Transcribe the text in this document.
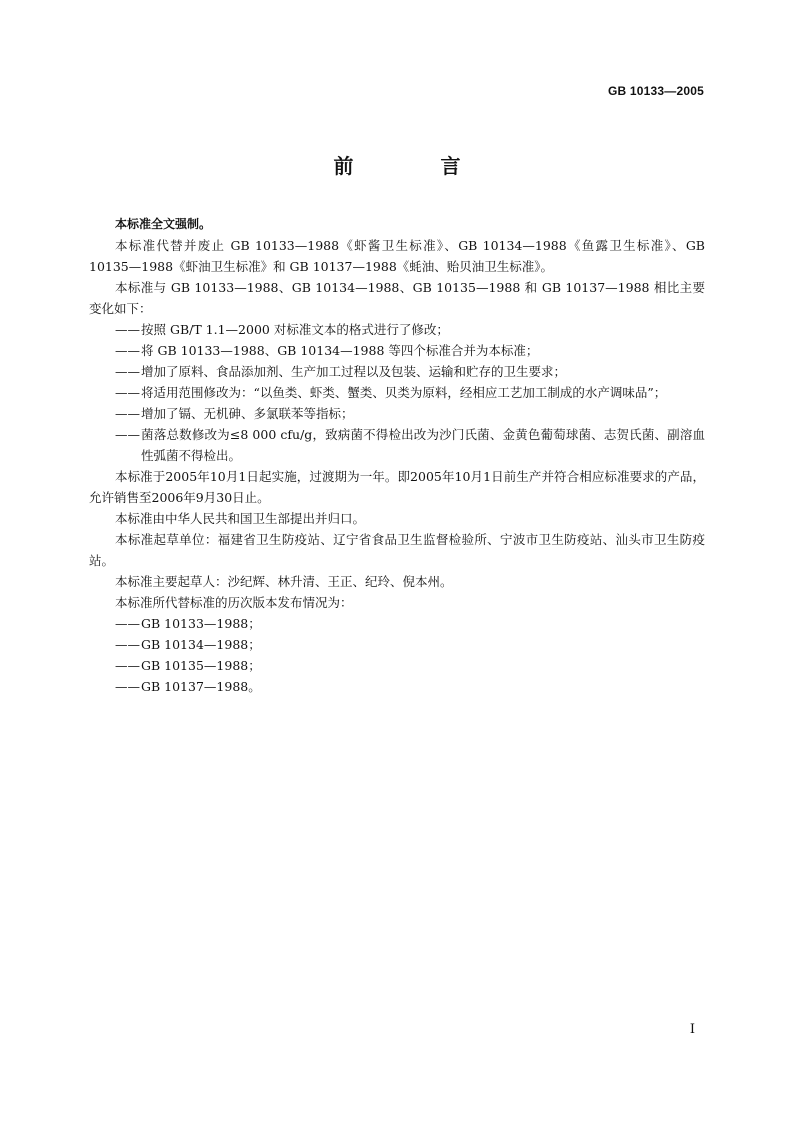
GB 10133—2005
前 言

本标准全文强制。

本标准代替并废止 GB 10133—1988《虾酱卫生标准》、GB 10134—1988《鱼露卫生标准》、GB 10135—1988《虾油卫生标准》和 GB 10137—1988《蚝油、贻贝油卫生标准》。

本标准与 GB 10133—1988、GB 10134—1988、GB 10135—1988 和 GB 10137—1988 相比主要变化如下：

——按照 GB/T 1.1—2000 对标准文本的格式进行了修改；

——将 GB 10133—1988、GB 10134—1988 等四个标准合并为本标准；

——增加了原料、食品添加剂、生产加工过程以及包装、运输和贮存的卫生要求；

——将适用范围修改为：“以鱼类、虾类、蟹类、贝类为原料，经相应工艺加工制成的水产调味品”；

——增加了镉、无机砷、多氯联苯等指标；

——菌落总数修改为≤8 000 cfu/g，致病菌不得检出改为沙门氏菌、金黄色葡萄球菌、志贺氏菌、副溶血性弧菌不得检出。

本标准于2005年10月1日起实施，过渡期为一年。即2005年10月1日前生产并符合相应标准要求的产品，允许销售至2006年9月30日止。

本标准由中华人民共和国卫生部提出并归口。

本标准起草单位：福建省卫生防疫站、辽宁省食品卫生监督检验所、宁波市卫生防疫站、汕头市卫生防疫站。

本标准主要起草人：沙纪辉、林升清、王正、纪玲、倪本州。

本标准所代替标准的历次版本发布情况为：

——GB 10133—1988；

——GB 10134—1988；

——GB 10135—1988；

——GB 10137—1988。

I
